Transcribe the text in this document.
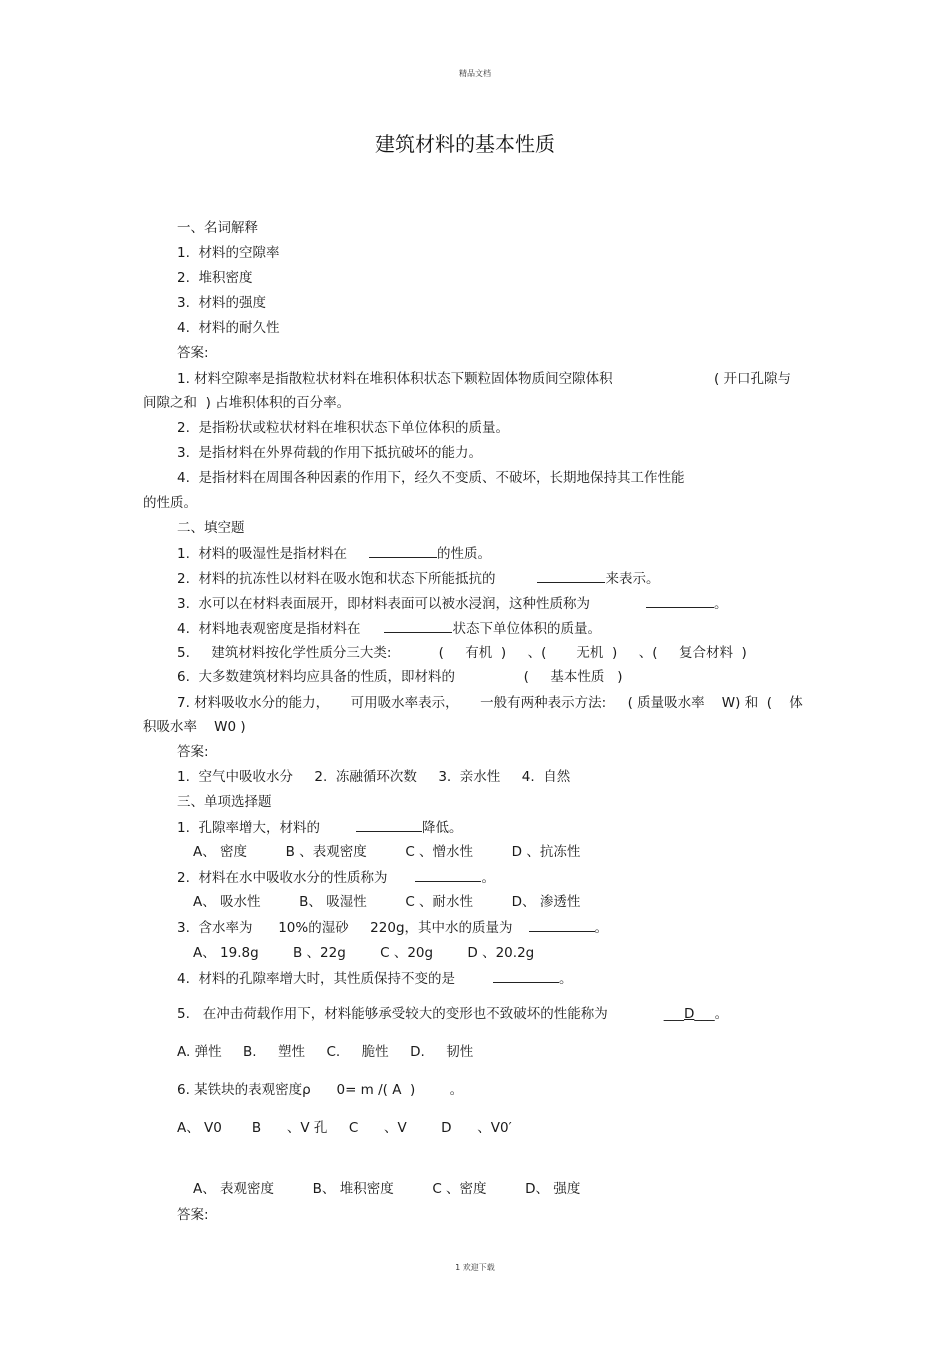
精品文档
建筑材料的基本性质
一、名词解释
1.  材料的空隙率
2.  堆积密度
3.  材料的强度
4.  材料的耐久性
答案:
1. 材料空隙率是指散粒状材料在堆积体积状态下颗粒固体物质间空隙体积	( 开口孔隙与
间隙之和  ) 占堆积体积的百分率。
2.  是指粉状或粒状材料在堆积状态下单位体积的质量。
3.  是指材料在外界荷载的作用下抵抗破坏的能力。
4.  是指材料在周围各种因素的作用下，经久不变质、不破坏，长期地保持其工作性能
的性质。
二、填空题
1.  材料的吸湿性是指材料在	的性质。
2.  材料的抗冻性以材料在吸水饱和状态下所能抵抗的	来表示。
3.  水可以在材料表面展开，即材料表面可以被水浸润，这种性质称为	。
4.  材料地表观密度是指材料在	状态下单位体积的质量。
5.     建筑材料按化学性质分三大类:           (     有机  )     、(       无机  )     、(     复合材料  )
6.  大多数建筑材料均应具备的性质，即材料的                (     基本性质   )
7. 材料吸收水分的能力，     可用吸水率表示，     一般有两种表示方法:     ( 质量吸水率    W) 和  (    体
积吸水率    W0 )
答案:
1.  空气中吸收水分     2.  冻融循环次数     3.  亲水性     4.  自然
三、单项选择题
1.  孔隙率增大，材料的	降低。
A、 密度         B 、表观密度         C 、憎水性         D 、抗冻性
2.  材料在水中吸收水分的性质称为	。
A、 吸水性         B、 吸湿性         C 、耐水性         D、 渗透性
3.  含水率为      10%的湿砂     220g，其中水的质量为	。
A、 19.8g        B 、22g        C 、20g        D 、20.2g
4.  材料的孔隙率增大时，其性质保持不变的是	。
5.   在冲击荷载作用下，材料能够承受较大的变形也不致破坏的性能称为	___D___。
A. 弹性     B.     塑性     C.     脆性     D.     韧性
6. 某铁块的表观密度ρ      0= m /( A  )        。
A、 V0       B      、V 孔     C      、V        D      、V0′
A、 表观密度         B、 堆积密度         C 、密度         D、 强度
答案:
1 欢迎下载
